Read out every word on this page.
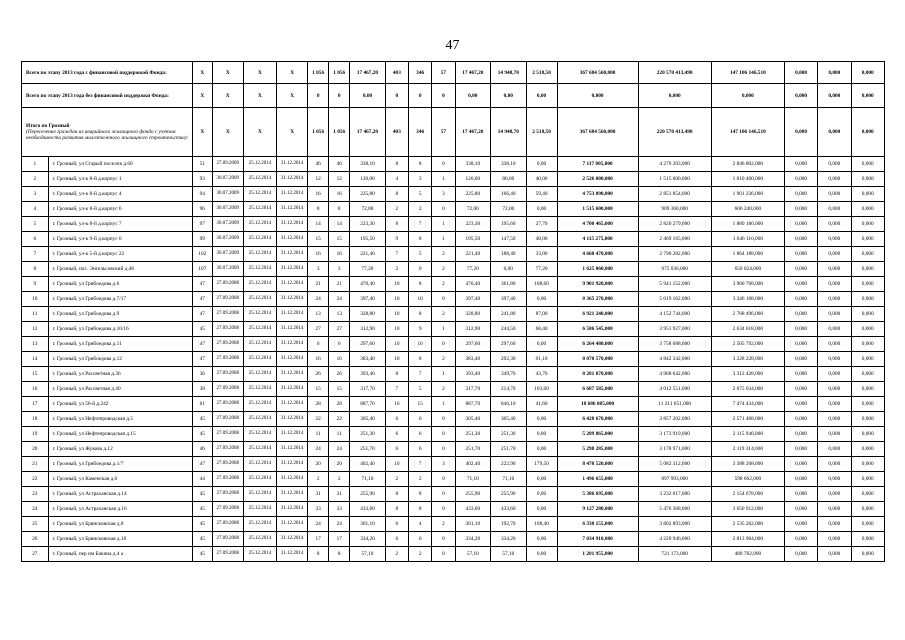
47
Всего по этапу 2013 года с финансовой поддержкой Фонда:		Х	Х	Х	Х	1 056	1 056	17 467,20	403	346	57	17 467,20	14 948,70	2 518,50	367 684 560,000	220 578 413,490	147 106 146,510	0,000	0,000	0,000
Всего по этапу 2013 года без финансовой поддержки Фонда:		Х	Х	Х	Х	0	0	0,00	0	0	0	0,00	0,00	0,00	0,000	0,000	0,000	0,000	0,000	0,000
Итого по Грозный
(Переселение граждан из аварийного жилищного фонда с учетом необходимости развития малоэтажного жилищного строительства):		Х	Х	Х	Х	1 056	1 056	17 467,20	403	346	57	17 467,20	14 948,70	2 518,50	367 684 560,000	220 578 413,490	147 106 146,510	0,000	0,000	0,000
1	г. Грозный, ул Старый поселок д.60	51	27.09.2009	25.12.2014	31.12.2014	46	46	338,10	8	8	0	338,10	338,10	0,00	7 117 005,000	4 270 203,000	2 846 802,000	0,000	0,000	0,000
2	г. Грозный, ул-к 8-й д.корпус 1	93	30.07.2009	25.12.2014	31.12.2014	12	12	120,00	4	3	1	120,00	80,00	40,00	2 526 000,000	1 515 600,000	1 010 400,000	0,000	0,000	0,000
3	г. Грозный, ул-к 8-й д.корпус 4	94	30.07.2009	25.12.2014	31.12.2014	16	16	225,80	8	5	3	225,80	166,40	59,40	4 753 090,000	2 851 854,000	1 901 236,000	0,000	0,000	0,000
4	г. Грозный, ул-к 8-й д.корпус 6	96	30.07.2009	25.12.2014	31.12.2014	8	8	72,00	2	2	0	72,00	72,00	0,00	1 515 600,000	909 360,000	606 240,000	0,000	0,000	0,000
5	г. Грозный, ул-к 8-й д.корпус 7	97	30.07.2009	25.12.2014	31.12.2014	14	14	223,30	8	7	1	223,30	195,60	27,70	4 700 465,000	2 820 279,000	1 880 186,000	0,000	0,000	0,000
6	г. Грозный, ул-к 9-й д.корпус 6	99	30.07.2009	25.12.2014	31.12.2014	15	15	195,50	9	8	1	195,50	147,50	48,00	4 115 275,000	2 469 165,000	1 646 110,000	0,000	0,000	0,000
7	г. Грозный, ул-к 5-й д.корпус 22	102	30.07.2009	25.12.2014	31.12.2014	16	16	221,40	7	5	2	221,40	188,40	33,00	4 660 470,000	2 796 282,000	1 864 188,000	0,000	0,000	0,000
8	г. Грозный, пос. Энгельсовский д.46	107	30.07.2009	25.12.2014	31.12.2014	3	3	77,20	2	0	2	77,20	0,00	77,20	1 625 060,000	975 036,000	650 024,000	0,000	0,000	0,000
9	г. Грозный, ул Грибоедова д.6	47	27.09.2008	25.12.2014	31.12.2014	21	21	470,40	10	8	2	470,40	361,80	108,60	9 901 920,000	5 941 152,000	3 960 768,000	0,000	0,000	0,000
10	г. Грозный, ул Грибоедова д.7/17	47	27.09.2008	25.12.2014	31.12.2014	24	24	397,40	10	10	0	397,40	397,40	0,00	8 365 270,000	5 019 162,000	3 346 108,000	0,000	0,000	0,000
11	г. Грозный, ул Грибоедова д.9	47	27.09.2008	25.12.2014	31.12.2014	13	13	328,80	10	8	2	328,80	241,80	87,00	6 921 240,000	4 152 744,000	2 768 496,000	0,000	0,000	0,000
12	г. Грозный, ул Грибоедова д.10/16	45	27.09.2008	25.12.2014	31.12.2014	27	27	312,90	10	9	1	312,90	244,50	68,40	6 586 545,000	3 951 927,000	2 634 618,000	0,000	0,000	0,000
13	г. Грозный, ул Грибоедова д.11	47	27.09.2008	25.12.2014	31.12.2014	6	6	297,60	10	10	0	297,60	297,60	0,00	6 264 480,000	3 758 688,000	2 505 792,000	0,000	0,000	0,000
14	г. Грозный, ул Грибоедова д.12	47	27.09.2008	25.12.2014	31.12.2014	16	16	383,40	10	8	2	383,40	292,30	91,10	8 070 570,000	4 842 342,000	3 228 228,000	0,000	0,000	0,000
15	г. Грозный, ул Рассветная д.36	36	27.09.2008	25.12.2014	31.12.2014	26	26	393,40	8	7	1	393,40	349,70	43,70	8 281 070,000	4 968 642,000	3 312 428,000	0,000	0,000	0,000
16	г. Грозный, ул Рассветная д.40	38	27.09.2008	25.12.2014	31.12.2014	15	15	317,70	7	5	2	317,70	214,70	103,00	6 687 585,000	4 012 551,000	2 675 034,000	0,000	0,000	0,000
17	г. Грозный, ул 56-й д.242	61	27.09.2008	25.12.2014	31.12.2014	28	28	887,70	16	15	1	887,70	846,10	41,60	18 686 085,000	11 211 651,000	7 474 434,000	0,000	0,000	0,000
18	г. Грозный, ул Нефтепроводская д.5	45	27.09.2008	25.12.2014	31.12.2014	22	22	305,40	6	6	0	305,40	305,40	0,00	6 428 670,000	3 857 202,000	2 571 468,000	0,000	0,000	0,000
19	г. Грозный, ул Нефтепроводская д.15	45	27.09.2008	25.12.2014	31.12.2014	11	11	251,30	6	6	0	251,30	251,30	0,00	5 289 865,000	3 173 919,000	2 115 946,000	0,000	0,000	0,000
20	г. Грозный, ул Жукова д.12	46	27.09.2008	25.12.2014	31.12.2014	24	24	251,70	6	6	0	251,70	251,70	0,00	5 298 285,000	3 178 971,000	2 119 314,000	0,000	0,000	0,000
21	г. Грозный, ул Грибоедова д.1/7	47	27.09.2008	25.12.2014	31.12.2014	20	20	402,40	10	7	3	402,40	222,90	179,50	8 470 520,000	5 082 312,000	3 388 208,000	0,000	0,000	0,000
22	г. Грозный, ул Каменская д.6	44	27.09.2008	25.12.2014	31.12.2014	2	2	71,10	2	2	0	71,10	71,10	0,00	1 496 655,000	897 993,000	598 662,000	0,000	0,000	0,000
23	г. Грозный, ул Астраханская д.14	45	27.09.2008	25.12.2014	31.12.2014	31	31	255,90	8	8	0	255,90	255,90	0,00	5 386 695,000	3 232 017,000	2 154 678,000	0,000	0,000	0,000
24	г. Грозный, ул Астраханская д.16	45	27.09.2008	25.12.2014	31.12.2014	33	33	433,60	8	8	0	433,60	433,60	0,00	9 127 280,000	5 476 368,000	3 650 912,000	0,000	0,000	0,000
25	г. Грозный, ул Брянсковская д.8	45	27.09.2008	25.12.2014	31.12.2014	24	24	301,10	6	4	2	301,10	192,70	108,40	6 338 155,000	3 802 893,000	2 535 262,000	0,000	0,000	0,000
26	г. Грозный, ул Брянсковская д.10	45	27.09.2008	25.12.2014	31.12.2014	17	17	334,20	6	6	0	334,20	334,20	0,00	7 034 910,000	4 220 946,000	2 813 964,000	0,000	0,000	0,000
27	г. Грозный, пер им Бакина д.4 а	45	27.09.2008	25.12.2014	31.12.2014	8	8	57,10	2	2	0	57,10	57,10	0,00	1 201 955,000	721 173,000	480 782,000	0,000	0,000	0,000
